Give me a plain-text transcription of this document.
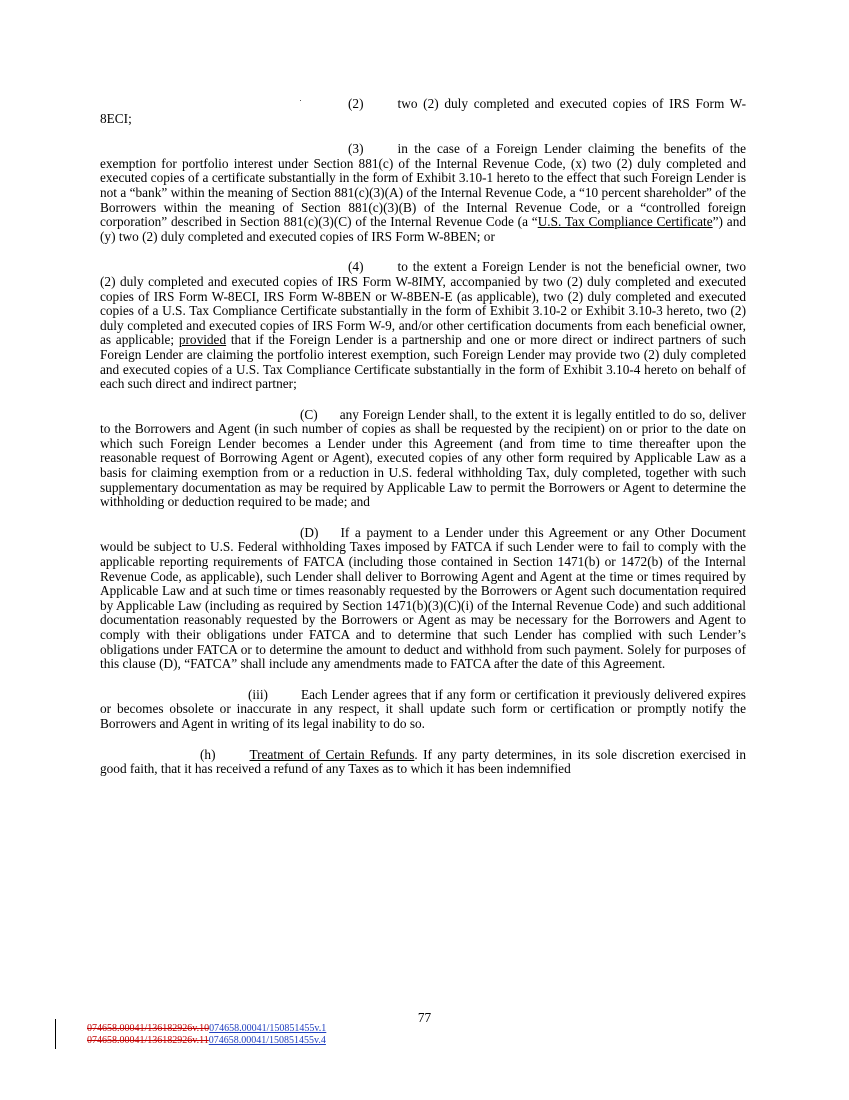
(2)	two (2) duly completed and executed copies of IRS Form W-8ECI;

(3)	in the case of a Foreign Lender claiming the benefits of the exemption for portfolio interest under Section 881(c) of the Internal Revenue Code, (x) two (2) duly completed and executed copies of a certificate substantially in the form of Exhibit 3.10-1 hereto to the effect that such Foreign Lender is not a “bank” within the meaning of Section 881(c)(3)(A) of the Internal Revenue Code, a “10 percent shareholder” of the Borrowers within the meaning of Section 881(c)(3)(B) of the Internal Revenue Code, or a “controlled foreign corporation” described in Section 881(c)(3)(C) of the Internal Revenue Code (a “U.S. Tax Compliance Certificate”) and (y) two (2) duly completed and executed copies of IRS Form W-8BEN; or

(4)	to the extent a Foreign Lender is not the beneficial owner, two (2) duly completed and executed copies of IRS Form W-8IMY, accompanied by two (2) duly completed and executed copies of IRS Form W-8ECI, IRS Form W-8BEN or W-8BEN-E (as applicable), two (2) duly completed and executed copies of a U.S. Tax Compliance Certificate substantially in the form of Exhibit 3.10-2 or Exhibit 3.10-3 hereto, two (2) duly completed and executed copies of IRS Form W-9, and/or other certification documents from each beneficial owner, as applicable; provided that if the Foreign Lender is a partnership and one or more direct or indirect partners of such Foreign Lender are claiming the portfolio interest exemption, such Foreign Lender may provide two (2) duly completed and executed copies of a U.S. Tax Compliance Certificate substantially in the form of Exhibit 3.10-4 hereto on behalf of each such direct and indirect partner;

(C) any Foreign Lender shall, to the extent it is legally entitled to do so, deliver to the Borrowers and Agent (in such number of copies as shall be requested by the recipient) on or prior to the date on which such Foreign Lender becomes a Lender under this Agreement (and from time to time thereafter upon the reasonable request of Borrowing Agent or Agent), executed copies of any other form required by Applicable Law as a basis for claiming exemption from or a reduction in U.S. federal withholding Tax, duly completed, together with such supplementary documentation as may be required by Applicable Law to permit the Borrowers or Agent to determine the withholding or deduction required to be made; and

(D) If a payment to a Lender under this Agreement or any Other Document would be subject to U.S. Federal withholding Taxes imposed by FATCA if such Lender were to fail to comply with the applicable reporting requirements of FATCA (including those contained in Section 1471(b) or 1472(b) of the Internal Revenue Code, as applicable), such Lender shall deliver to Borrowing Agent and Agent at the time or times required by Applicable Law and at such time or times reasonably requested by the Borrowers or Agent such documentation required by Applicable Law (including as required by Section 1471(b)(3)(C)(i) of the Internal Revenue Code) and such additional documentation reasonably requested by the Borrowers or Agent as may be necessary for the Borrowers and Agent to comply with their obligations under FATCA and to determine that such Lender has complied with such Lender’s obligations under FATCA or to determine the amount to deduct and withhold from such payment. Solely for purposes of this clause (D), “FATCA” shall include any amendments made to FATCA after the date of this Agreement.

(iii) Each Lender agrees that if any form or certification it previously delivered expires or becomes obsolete or inaccurate in any respect, it shall update such form or certification or promptly notify the Borrowers and Agent in writing of its legal inability to do so.

(h)	Treatment of Certain Refunds. If any party determines, in its sole discretion exercised in good faith, that it has received a refund of any Taxes as to which it has been indemnified

77
074658.00041/136182926v.10074658.00041/150851455v.1
074658.00041/136182926v.11074658.00041/150851455v.4
